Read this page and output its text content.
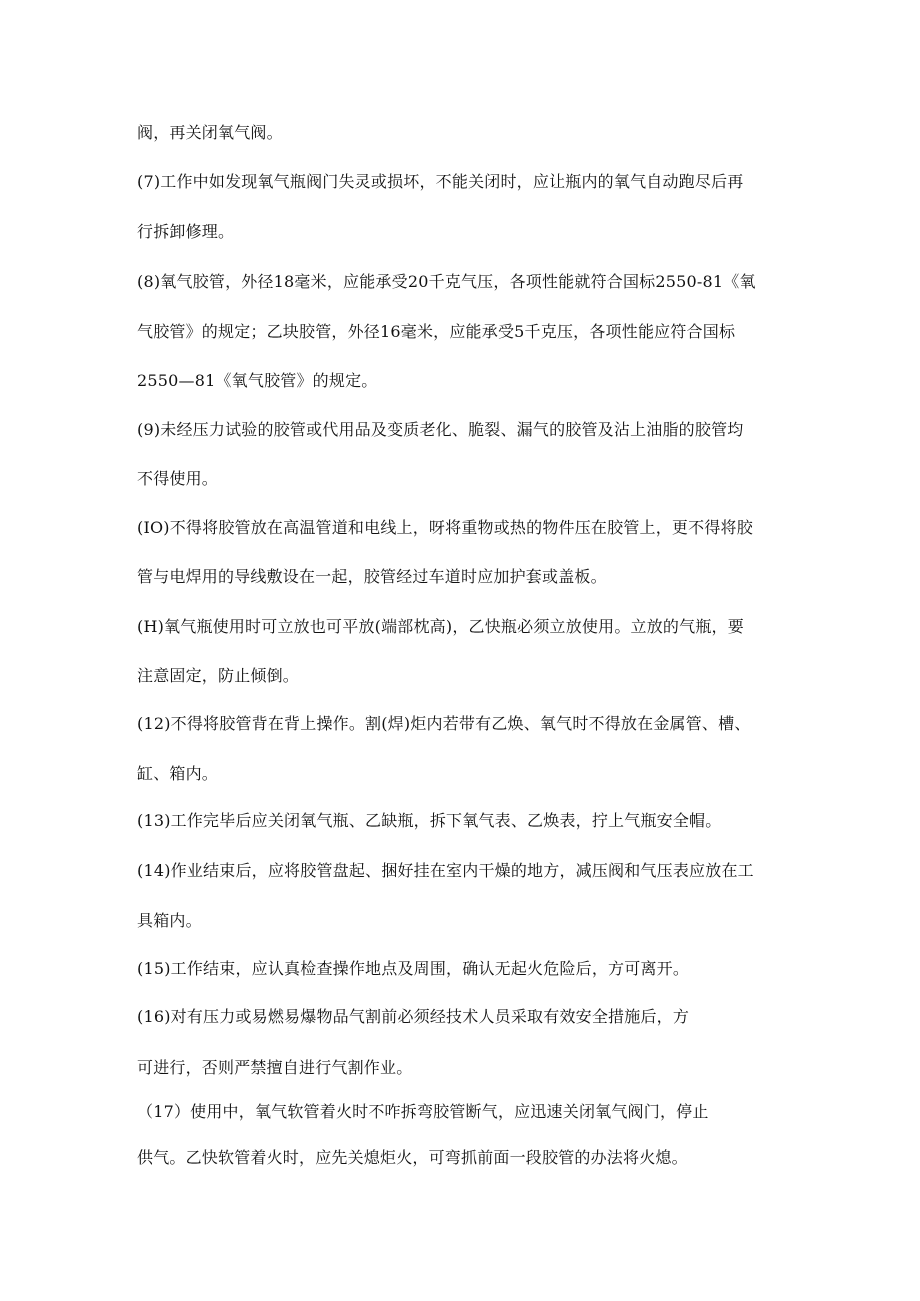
阀，再关闭氧气阀。
(7)工作中如发现氧气瓶阀门失灵或损坏，不能关闭时，应让瓶内的氧气自动跑尽后再
行拆卸修理。
(8)氧气胶管，外径18毫米，应能承受20千克气压，各项性能就符合国标2550-81《氧
气胶管》的规定；乙块胶管，外径16毫米，应能承受5千克压，各项性能应符合国标
2550—81《氧气胶管》的规定。
(9)未经压力试验的胶管或代用品及变质老化、脆裂、漏气的胶管及沾上油脂的胶管均
不得使用。
(IO)不得将胶管放在高温管道和电线上，呀将重物或热的物件压在胶管上，更不得将胶
管与电焊用的导线敷设在一起，胶管经过车道时应加护套或盖板。
(H)氧气瓶使用时可立放也可平放(端部枕高)，乙快瓶必须立放使用。立放的气瓶，要
注意固定，防止倾倒。
(12)不得将胶管背在背上操作。割(焊)炬内若带有乙焕、氧气时不得放在金属管、槽、
缸、箱内。
(13)工作完毕后应关闭氧气瓶、乙缺瓶，拆下氧气表、乙焕表，拧上气瓶安全帽。
(14)作业结束后，应将胶管盘起、捆好挂在室内干燥的地方，减压阀和气压表应放在工
具箱内。
(15)工作结束，应认真检查操作地点及周围，确认无起火危险后，方可离开。
(16)对有压力或易燃易爆物品气割前必须经技术人员采取有效安全措施后，方
可进行，否则严禁擅自进行气割作业。
（17）使用中，氧气软管着火时不咋拆弯胶管断气，应迅速关闭氧气阀门，停止
供气。乙快软管着火时，应先关熄炬火，可弯抓前面一段胶管的办法将火熄。
